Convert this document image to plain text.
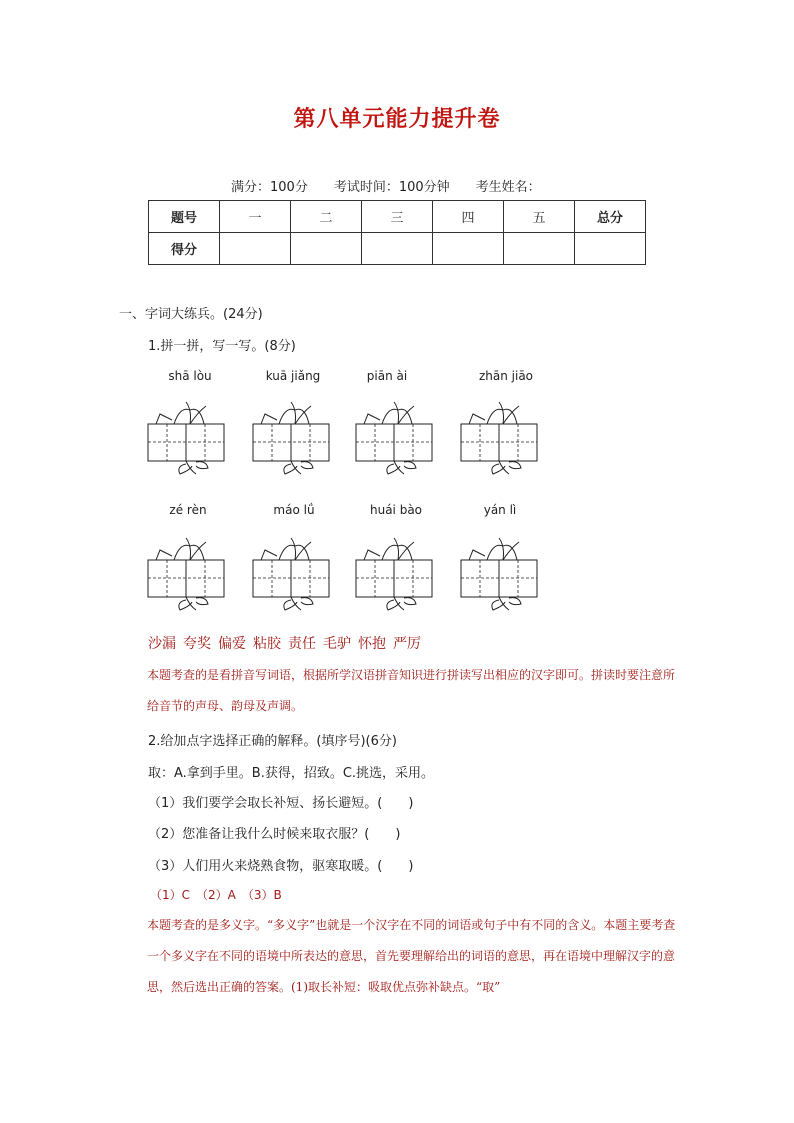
第八单元能力提升卷
满分：100分 考试时间：100分钟 考生姓名：
题号	一	二	三	四	五	总分
得分						
一、字词大练兵。(24分)
1.拼一拼，写一写。(8分)
shā lòu	kuā jiǎng	piān ài	zhān jiāo
zé rèn	máo lǘ	huái bào	yán lì
沙漏 夸奖 偏爱 粘胶 责任 毛驴 怀抱 严厉
本题考查的是看拼音写词语，根据所学汉语拼音知识进行拼读写出相应的汉字即可。拼读时要注意所给音节的声母、韵母及声调。
2.给加点字选择正确的解释。(填序号)(6分)
取：A.拿到手里。B.获得，招致。C.挑选，采用。
（1）我们要学会取长补短、扬长避短。(　　)
（2）您准备让我什么时候来取衣服？(　　)
（3）人们用火来烧熟食物，驱寒取暖。(　　)
（1）C　（2）A　（3）B
本题考查的是多义字。“多义字”也就是一个汉字在不同的词语或句子中有不同的含义。本题主要考查一个多义字在不同的语境中所表达的意思，首先要理解给出的词语的意思，再在语境中理解汉字的意思，然后选出正确的答案。(1)取长补短：吸取优点弥补缺点。“取”
